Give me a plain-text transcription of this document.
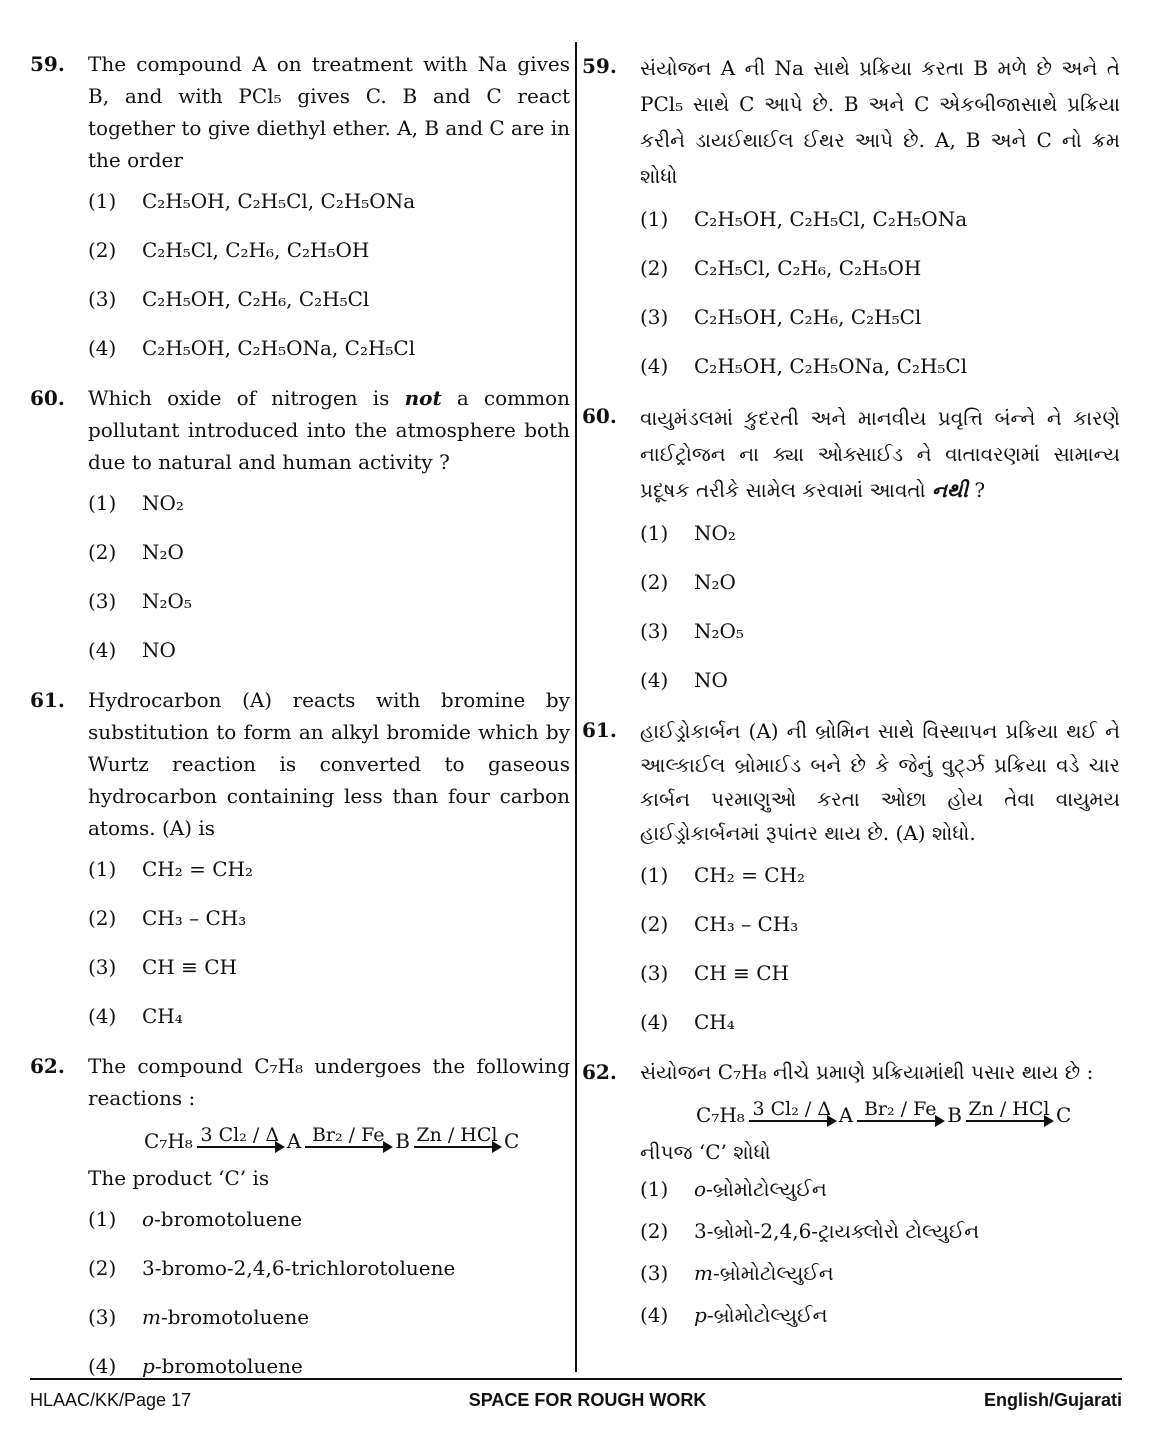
59. The compound A on treatment with Na gives B, and with PCl₅ gives C. B and C react together to give diethyl ether. A, B and C are in the order
(1)	C₂H₅OH, C₂H₅Cl, C₂H₅ONa
(2)	C₂H₅Cl, C₂H₆, C₂H₅OH
(3)	C₂H₅OH, C₂H₆, C₂H₅Cl
(4)	C₂H₅OH, C₂H₅ONa, C₂H₅Cl
60. Which oxide of nitrogen is not a common pollutant introduced into the atmosphere both due to natural and human activity ?
(1)	NO₂
(2)	N₂O
(3)	N₂O₅
(4)	NO
61. Hydrocarbon (A) reacts with bromine by substitution to form an alkyl bromide which by Wurtz reaction is converted to gaseous hydrocarbon containing less than four carbon atoms. (A) is
(1)	CH₂ = CH₂
(2)	CH₃ – CH₃
(3)	CH ≡ CH
(4)	CH₄
62. The compound C₇H₈ undergoes the following reactions :
C₇H₈ 3 Cl₂ / Δ A Br₂ / Fe B Zn / HCl C
The product ‘C’ is
(1)	o-bromotoluene
(2)	3-bromo-2,4,6-trichlorotoluene
(3)	m-bromotoluene
(4)	p-bromotoluene
59. સંયોજન A ની Na સાથે પ્રક્રિયા કરતા B મળે છે અને તે PCl₅ સાથે C આપે છે. B અને C એકબીજાસાથે પ્રક્રિયા કરીને ડાયઈથાઈલ ઈથર આપે છે. A, B અને C નો ક્રમ શોધો
(1)	C₂H₅OH, C₂H₅Cl, C₂H₅ONa
(2)	C₂H₅Cl, C₂H₆, C₂H₅OH
(3)	C₂H₅OH, C₂H₆, C₂H₅Cl
(4)	C₂H₅OH, C₂H₅ONa, C₂H₅Cl
60. વાયુમંડલમાં કુદરતી અને માનવીય પ્રવૃત્તિ બંન્ને ને કારણે નાઈટ્રોજન ના ક્યા ઓક્સાઈડ ને વાતાવરણમાં સામાન્ય પ્રદૂષક તરીકે સામેલ કરવામાં આવતો નથી ?
(1)	NO₂
(2)	N₂O
(3)	N₂O₅
(4)	NO
61. હાઈડ્રોકાર્બન (A) ની બ્રોમિન સાથે વિસ્થાપન પ્રક્રિયા થઈ ને આલ્કાઈલ બ્રોમાઈડ બને છે કે જેનું વુર્ટ્ઝ પ્રક્રિયા વડે ચાર કાર્બન પરમાણુઓ કરતા ઓછા હોય તેવા વાયુમય હાઈડ્રોકાર્બનમાં રૂપાંતર થાય છે. (A) શોધો.
(1)	CH₂ = CH₂
(2)	CH₃ – CH₃
(3)	CH ≡ CH
(4)	CH₄
62. સંયોજન C₇H₈ નીચે પ્રમાણે પ્રક્રિયામાંથી પસાર થાય છે :
C₇H₈ 3 Cl₂ / Δ A Br₂ / Fe B Zn / HCl C
નીપજ ‘C’ શોધો
(1)	o-બ્રોમોટોલ્યુઈન
(2)	3-બ્રોમો-2,4,6-ટ્રાયક્લોરો ટોલ્યુઈન
(3)	m-બ્રોમોટોલ્યુઈન
(4)	p-બ્રોમોટોલ્યુઈન
HLAAC/KK/Page 17	SPACE FOR ROUGH WORK	English/Gujarati
